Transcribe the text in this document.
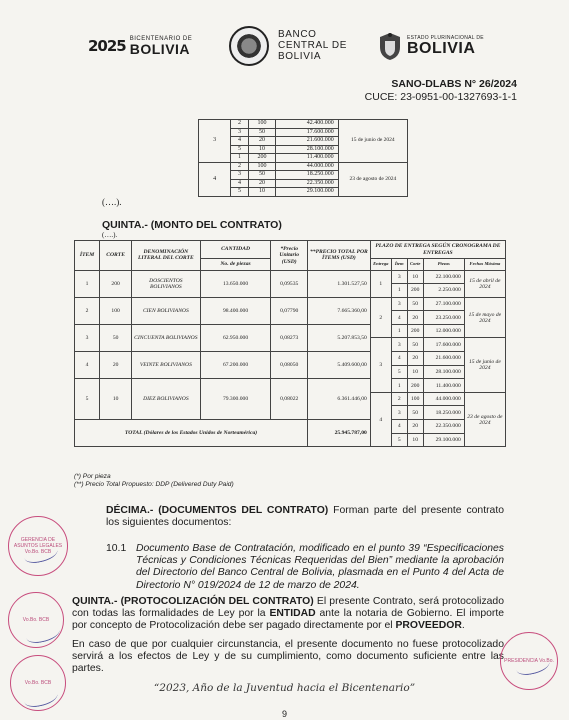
2025 BICENTENARIO DE
BOLIVIA
BANCO
CENTRAL DE
BOLIVIA
ESTADO PLURINACIONAL DE
BOLIVIA
SANO-DLABS N° 26/2024
CUCE: 23-0951-00-1327693-1-1
3	2	100	42.400.000	15 de junio de 2024
	3	50	17.600.000	
	4	20	21.600.000	
	5	10	28.100.000	
	1	200	11.400.000	
4	2	100	44.000.000	23 de agosto de 2024
	3	50	18.250.000	
	4	20	22.350.000	
	5	10	29.100.000	
(….).
QUINTA.- (MONTO DEL CONTRATO)
(….).
ÍTEM	CORTE	DENOMINACIÓN LITERAL DEL CORTE	CANTIDAD	*Precio Unitario (USD)	**PRECIO TOTAL POR ÍTEMS (USD)	PLAZO DE ENTREGA SEGÚN CRONOGRAMA DE ENTREGAS				
			No. de piezas			Entrega	Ítem	Corte	Piezas	Fechas Máxima
1	200	DOSCIENTOS BOLIVIANOS	13.650.000	0,09535	1.301.527,50	1	3	10	22.100.000	15 de abril de 2024
							1	200	2.250.000	
2	100	CIEN BOLIVIANOS	98.400.000	0,07790	7.665.360,00	2	3	50	27.100.000	15 de mayo de 2024
							4	20	23.250.000	
3	50	CINCUENTA BOLIVIANOS	62.950.000	0,08273	5.207.853,50		1	200	12.000.000	
						3	3	50	17.600.000	15 de junio de 2024
4	20	VEINTE BOLIVIANOS	67.200.000	0,08050	5.409.600,00		4	20	21.600.000	
							5	10	28.100.000	
5	10	DIEZ BOLIVIANOS	79.300.000	0,08022	6.361.446,00		1	200	11.400.000	
						4	2	100	44.000.000	23 de agosto de 2024
							3	50	18.250.000	
TOTAL (Dólares de los Estados Unidos de Norteamérica)					25.945.787,00		4	20	22.350.000	
							5	10	29.100.000	
(*) Por pieza
(**) Precio Total Propuesto: DDP (Delivered Duty Paid)
DÉCIMA.- (DOCUMENTOS DEL CONTRATO) Forman parte del presente contrato los siguientes documentos:
10.1 Documento Base de Contratación, modificado en el punto 39 “Especificaciones Técnicas y Condiciones Técnicas Requeridas del Bien” mediante la aprobación del Directorio del Banco Central de Bolivia, plasmada en el Punto 4 del Acta de Directorio N° 019/2024 de 12 de marzo de 2024.
QUINTA.- (PROTOCOLIZACIÓN DEL CONTRATO) El presente Contrato, será protocolizado con todas las formalidades de Ley por la ENTIDAD ante la notaria de Gobierno. El importe por concepto de Protocolización debe ser pagado directamente por el PROVEEDOR.
En caso de que por cualquier circunstancia, el presente documento no fuese protocolizado servirá a los efectos de Ley y de su cumplimiento, como documento suficiente entre las partes.
“2023, Año de la Juventud hacia el Bicentenario”
9
GERENCIA DE ASUNTOS LEGALES Vo.Bo. BCB
Vo.Bo. BCB
Vo.Bo. BCB
PRESIDENCIA Vo.Bo.
